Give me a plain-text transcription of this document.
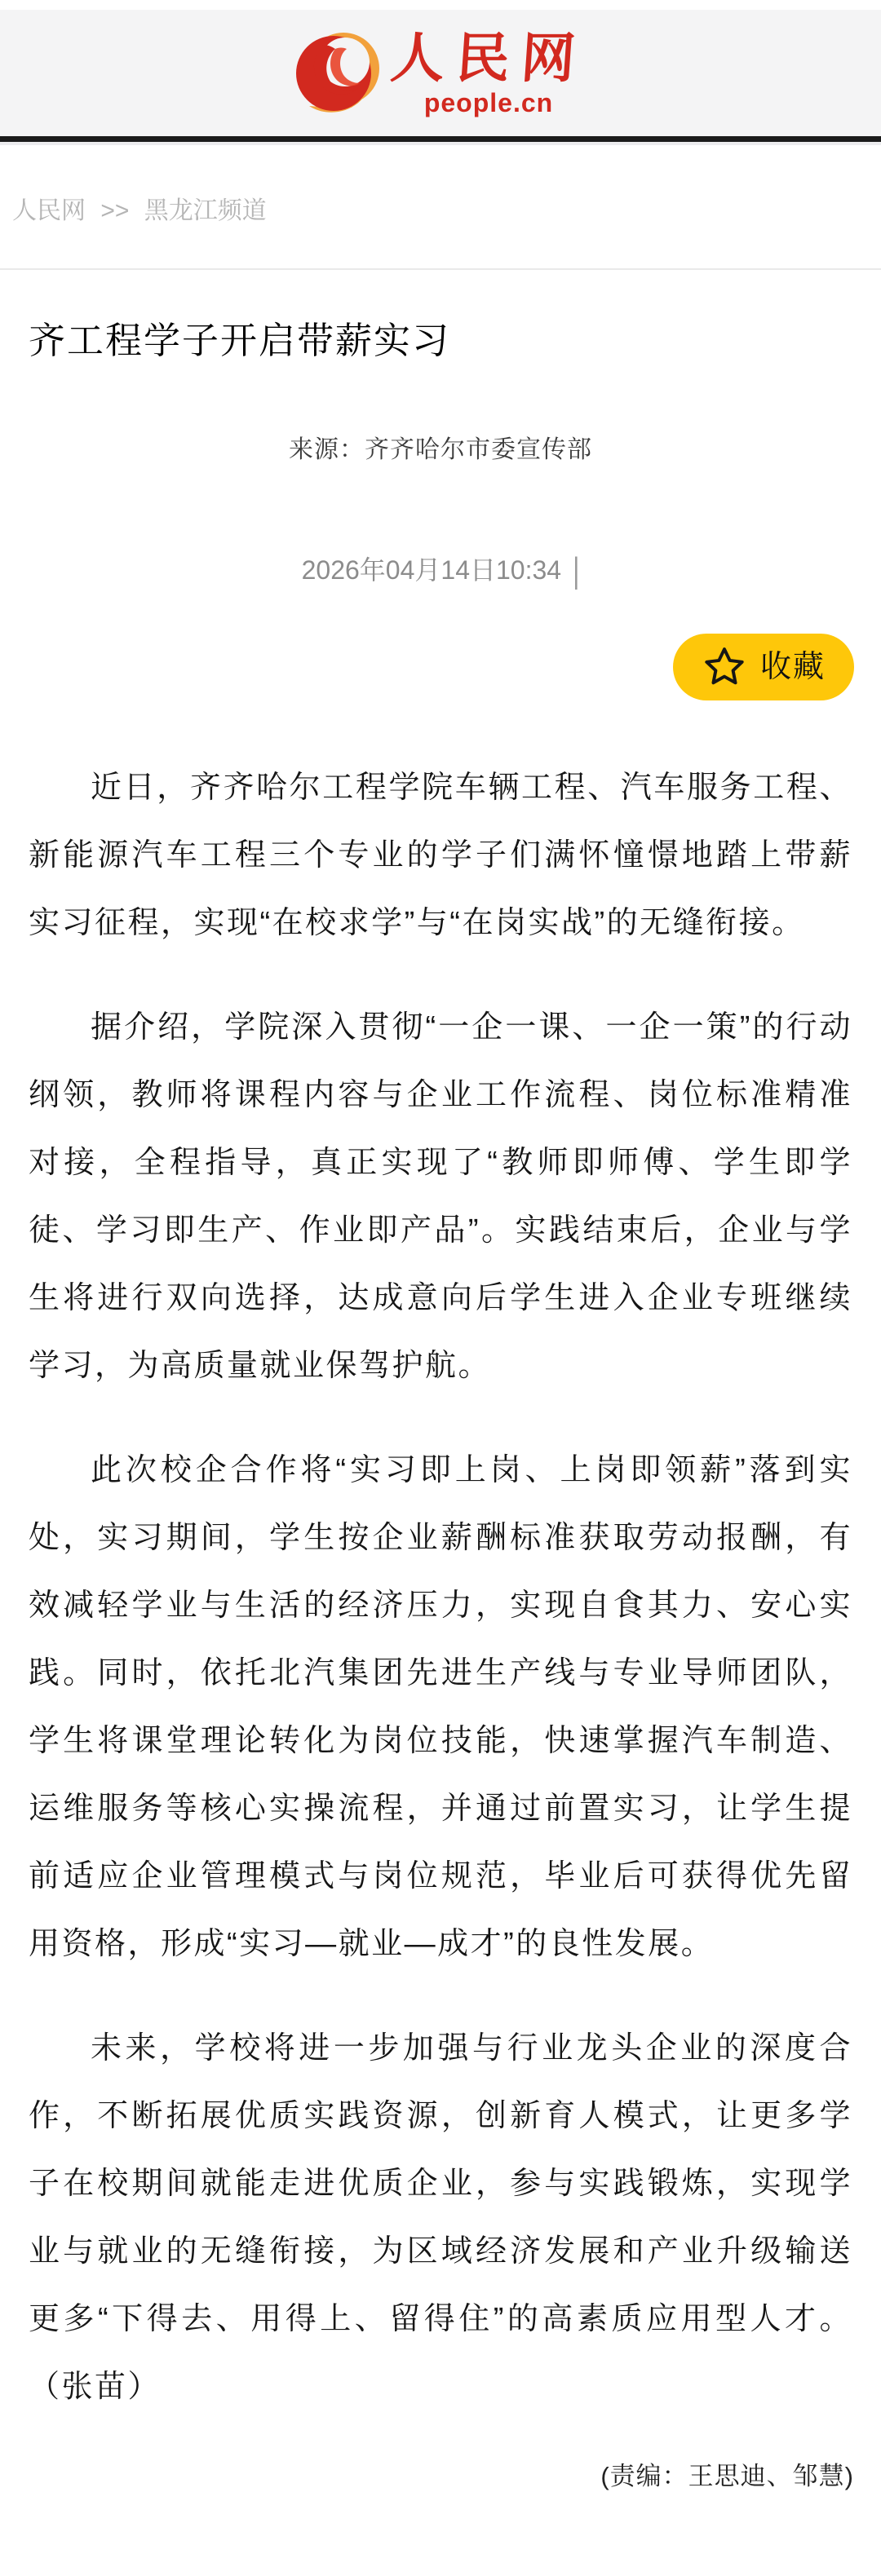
人民网
people.cn
人民网 >> 黑龙江频道
齐工程学子开启带薪实习
来源：齐齐哈尔市委宣传部
2026年04月14日10:34 |
收藏

近日，齐齐哈尔工程学院车辆工程、汽车服务工程、新能源汽车工程三个专业的学子们满怀憧憬地踏上带薪实习征程，实现“在校求学”与“在岗实战”的无缝衔接。

据介绍，学院深入贯彻“一企一课、一企一策”的行动纲领，教师将课程内容与企业工作流程、岗位标准精准对接，全程指导，真正实现了“教师即师傅、学生即学徒、学习即生产、作业即产品”。实践结束后，企业与学生将进行双向选择，达成意向后学生进入企业专班继续学习，为高质量就业保驾护航。

此次校企合作将“实习即上岗、上岗即领薪”落到实处，实习期间，学生按企业薪酬标准获取劳动报酬，有效减轻学业与生活的经济压力，实现自食其力、安心实践。同时，依托北汽集团先进生产线与专业导师团队，学生将课堂理论转化为岗位技能，快速掌握汽车制造、运维服务等核心实操流程，并通过前置实习，让学生提前适应企业管理模式与岗位规范，毕业后可获得优先留用资格，形成“实习—就业—成才”的良性发展。

未来，学校将进一步加强与行业龙头企业的深度合作，不断拓展优质实践资源，创新育人模式，让更多学子在校期间就能走进优质企业，参与实践锻炼，实现学业与就业的无缝衔接，为区域经济发展和产业升级输送更多“下得去、用得上、留得住”的高素质应用型人才。（张苗）

(责编：王思迪、邹慧)
